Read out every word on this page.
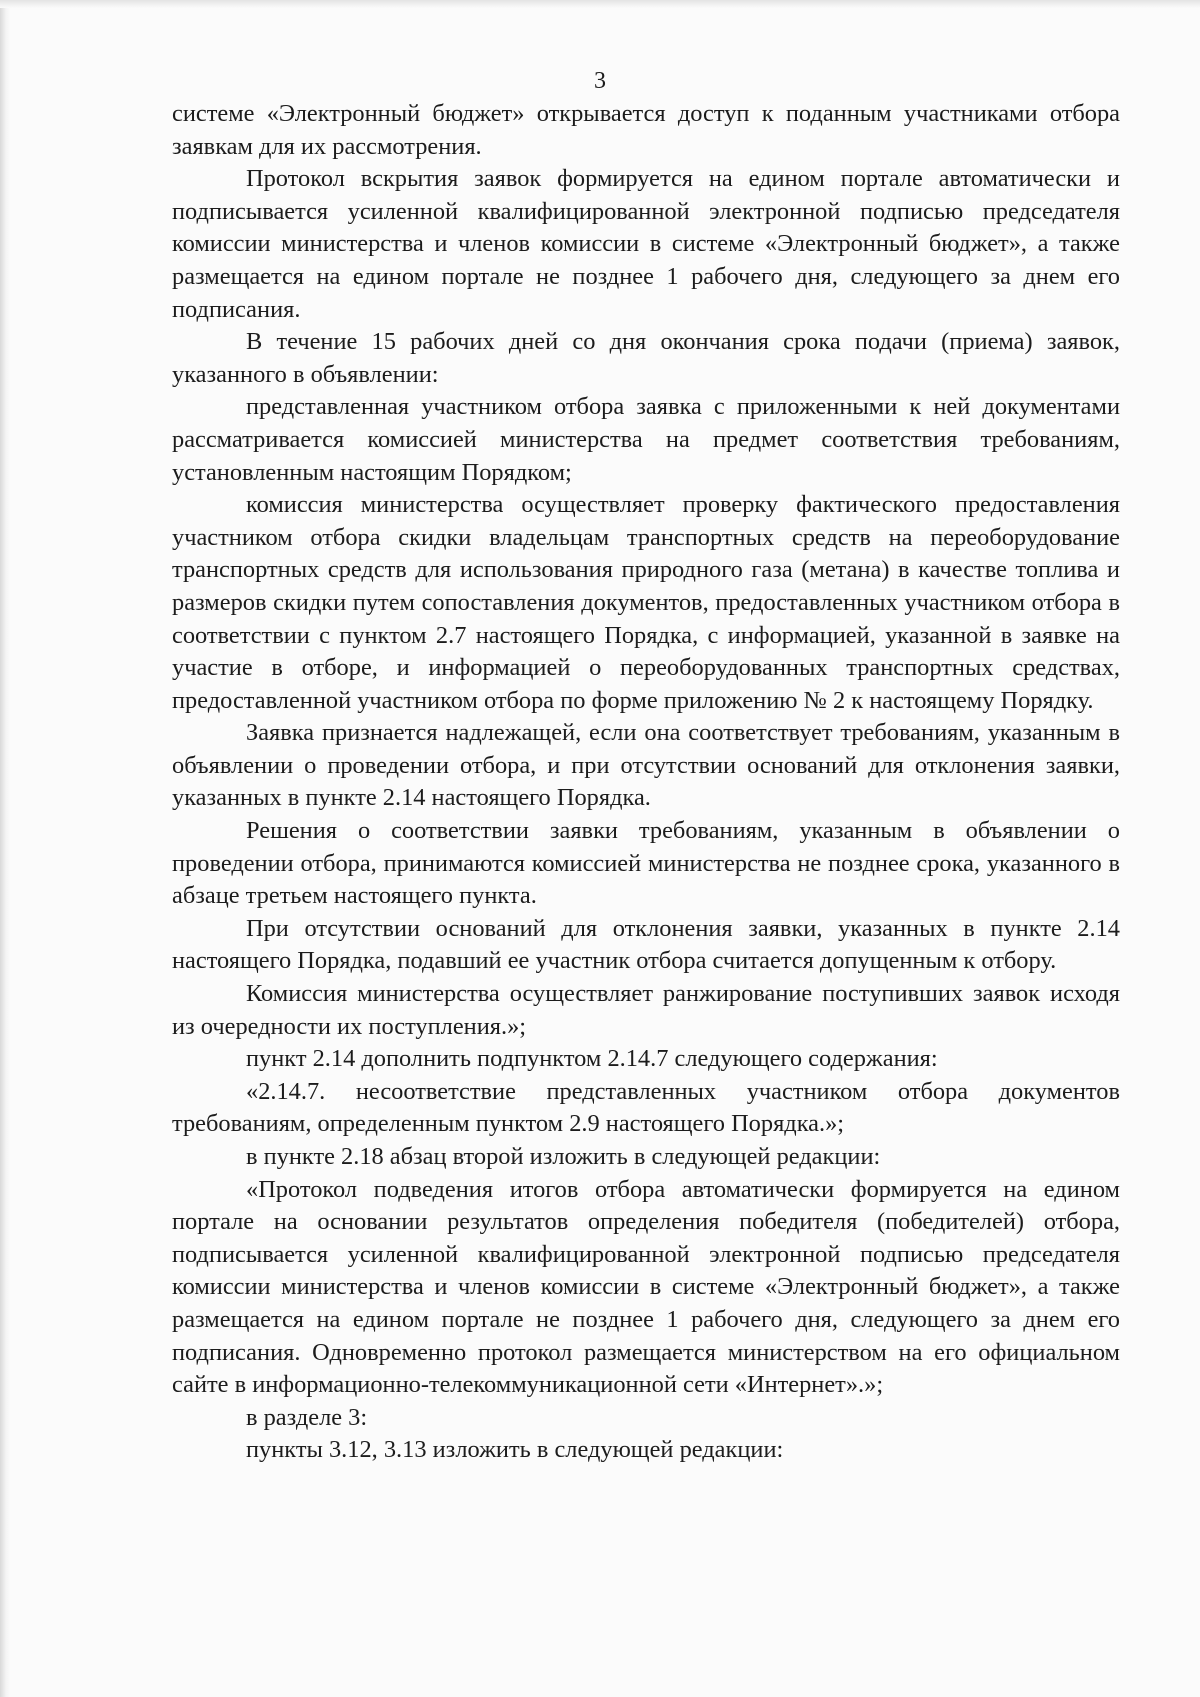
3

системе «Электронный бюджет» открывается доступ к поданным участниками отбора заявкам для их рассмотрения.

Протокол вскрытия заявок формируется на едином портале автоматически и подписывается усиленной квалифицированной электронной подписью председателя комиссии министерства и членов комиссии в системе «Электронный бюджет», а также размещается на едином портале не позднее 1 рабочего дня, следующего за днем его подписания.

В течение 15 рабочих дней со дня окончания срока подачи (приема) заявок, указанного в объявлении:

представленная участником отбора заявка с приложенными к ней документами рассматривается комиссией министерства на предмет соответствия требованиям, установленным настоящим Порядком;

комиссия министерства осуществляет проверку фактического предоставления участником отбора скидки владельцам транспортных средств на переоборудование транспортных средств для использования природного газа (метана) в качестве топлива и размеров скидки путем сопоставления документов, предоставленных участником отбора в соответствии с пунктом 2.7 настоящего Порядка, с информацией, указанной в заявке на участие в отборе, и информацией о переоборудованных транспортных средствах, предоставленной участником отбора по форме приложению № 2 к настоящему Порядку.

Заявка признается надлежащей, если она соответствует требованиям, указанным в объявлении о проведении отбора, и при отсутствии оснований для отклонения заявки, указанных в пункте 2.14 настоящего Порядка.

Решения о соответствии заявки требованиям, указанным в объявлении о проведении отбора, принимаются комиссией министерства не позднее срока, указанного в абзаце третьем настоящего пункта.

При отсутствии оснований для отклонения заявки, указанных в пункте 2.14 настоящего Порядка, подавший ее участник отбора считается допущенным к отбору.

Комиссия министерства осуществляет ранжирование поступивших заявок исходя из очередности их поступления.»;

пункт 2.14 дополнить подпунктом 2.14.7 следующего содержания:

«2.14.7. несоответствие представленных участником отбора документов требованиям, определенным пунктом 2.9 настоящего Порядка.»;

в пункте 2.18 абзац второй изложить в следующей редакции:

«Протокол подведения итогов отбора автоматически формируется на едином портале на основании результатов определения победителя (победителей) отбора, подписывается усиленной квалифицированной электронной подписью председателя комиссии министерства и членов комиссии в системе «Электронный бюджет», а также размещается на едином портале не позднее 1 рабочего дня, следующего за днем его подписания. Одновременно протокол размещается министерством на его официальном сайте в информационно-телекоммуникационной сети «Интернет».»;

в разделе 3:

пункты 3.12, 3.13 изложить в следующей редакции:
